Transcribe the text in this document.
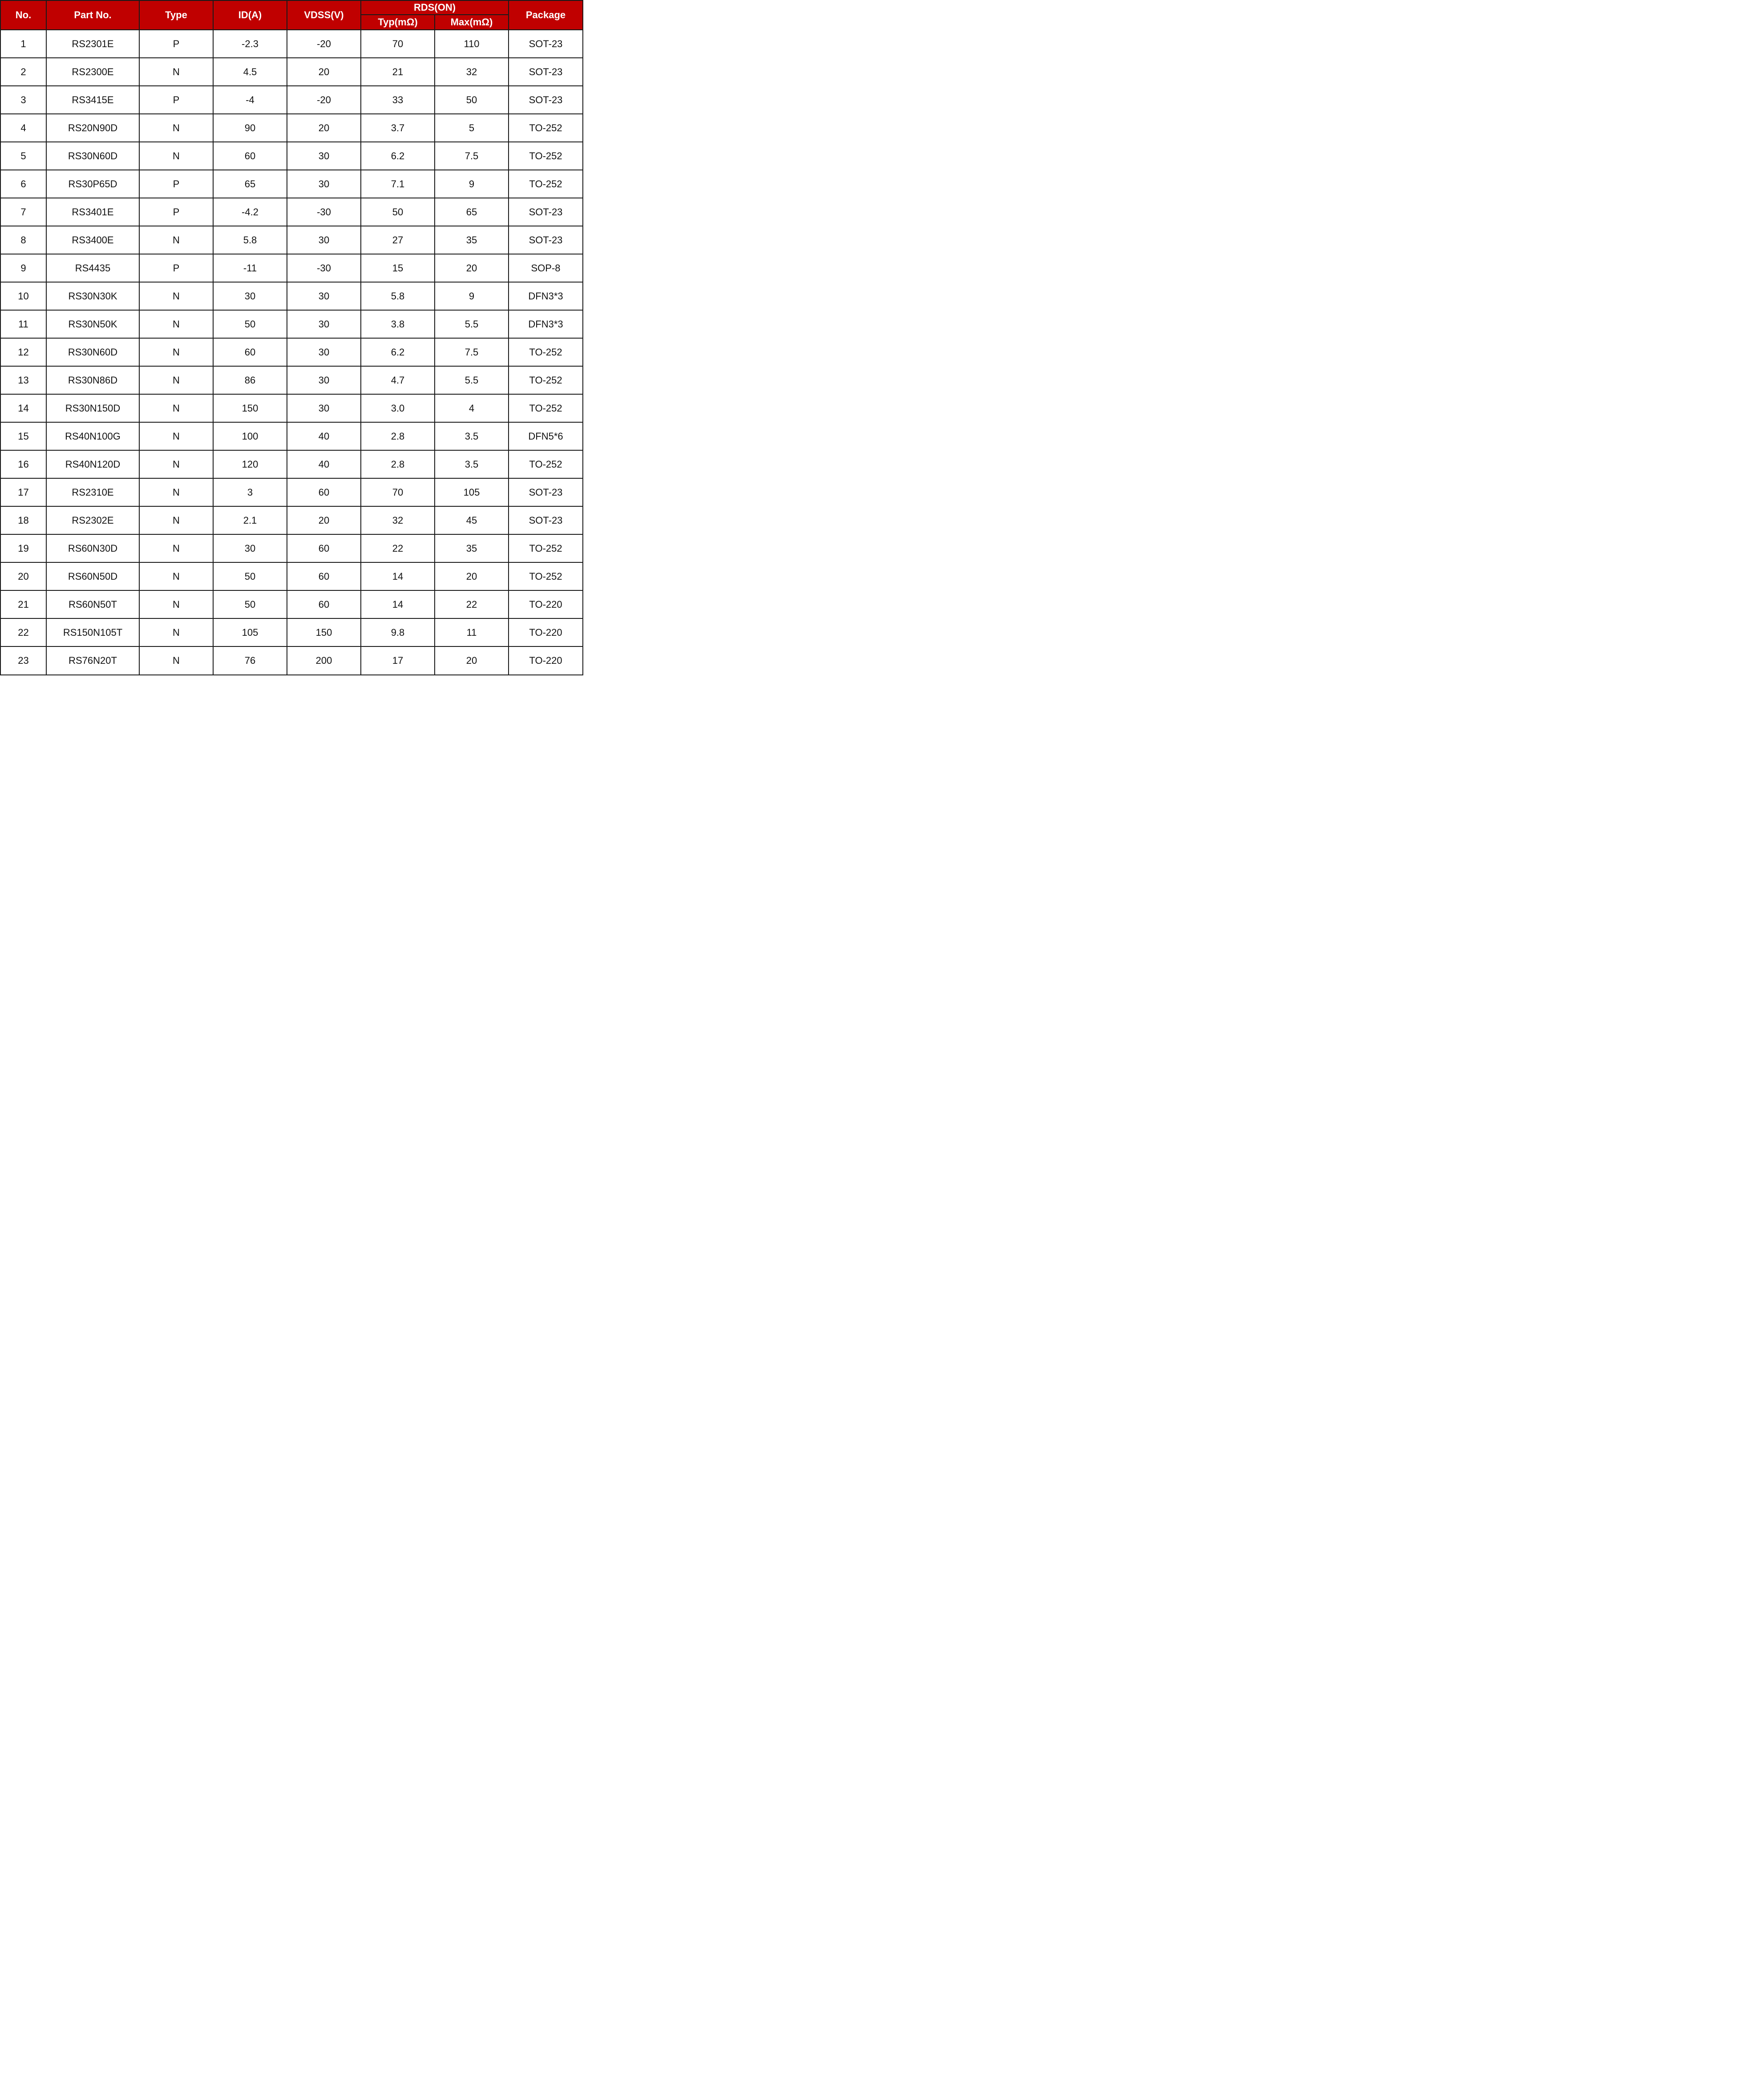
No.	Part No.	Type	ID(A)	VDSS(V)	RDS(ON)		Package
					Typ(mΩ)	Max(mΩ)	
1	RS2301E	P	-2.3	-20	70	110	SOT-23
2	RS2300E	N	4.5	20	21	32	SOT-23
3	RS3415E	P	-4	-20	33	50	SOT-23
4	RS20N90D	N	90	20	3.7	5	TO-252
5	RS30N60D	N	60	30	6.2	7.5	TO-252
6	RS30P65D	P	65	30	7.1	9	TO-252
7	RS3401E	P	-4.2	-30	50	65	SOT-23
8	RS3400E	N	5.8	30	27	35	SOT-23
9	RS4435	P	-11	-30	15	20	SOP-8
10	RS30N30K	N	30	30	5.8	9	DFN3*3
11	RS30N50K	N	50	30	3.8	5.5	DFN3*3
12	RS30N60D	N	60	30	6.2	7.5	TO-252
13	RS30N86D	N	86	30	4.7	5.5	TO-252
14	RS30N150D	N	150	30	3.0	4	TO-252
15	RS40N100G	N	100	40	2.8	3.5	DFN5*6
16	RS40N120D	N	120	40	2.8	3.5	TO-252
17	RS2310E	N	3	60	70	105	SOT-23
18	RS2302E	N	2.1	20	32	45	SOT-23
19	RS60N30D	N	30	60	22	35	TO-252
20	RS60N50D	N	50	60	14	20	TO-252
21	RS60N50T	N	50	60	14	22	TO-220
22	RS150N105T	N	105	150	9.8	11	TO-220
23	RS76N20T	N	76	200	17	20	TO-220
